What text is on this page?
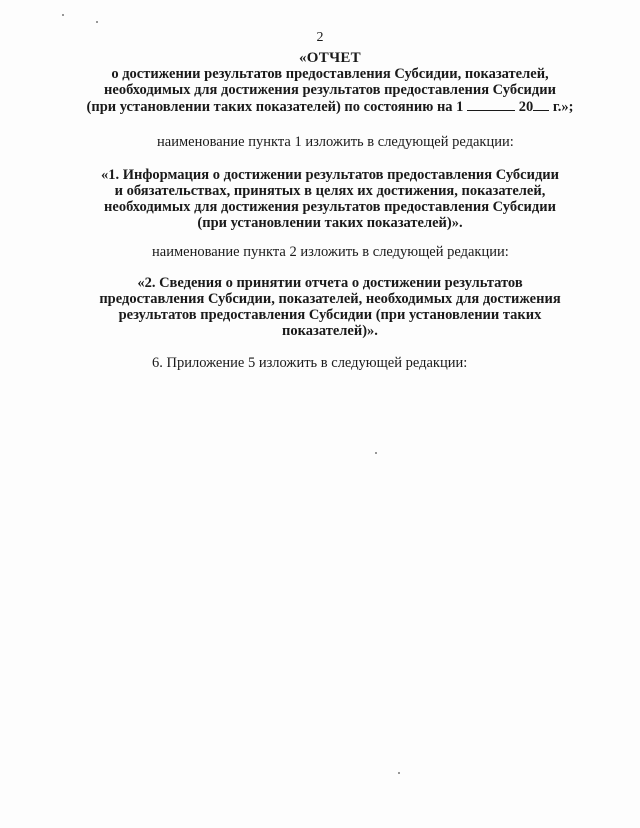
2
«ОТЧЕТ
о достижении результатов предоставления Субсидии, показателей,
необходимых для достижения результатов предоставления Субсидии
(при установлении таких показателей) по состоянию на 1	20 г.»;
наименование пункта 1 изложить в следующей редакции:
«1. Информация о достижении результатов предоставления Субсидии
и обязательствах, принятых в целях их достижения, показателей,
необходимых для достижения результатов предоставления Субсидии
(при установлении таких показателей)».
наименование пункта 2 изложить в следующей редакции:
«2. Сведения о принятии отчета о достижении результатов
предоставления Субсидии, показателей, необходимых для достижения
результатов предоставления Субсидии (при установлении таких
показателей)».
6. Приложение 5 изложить в следующей редакции:
